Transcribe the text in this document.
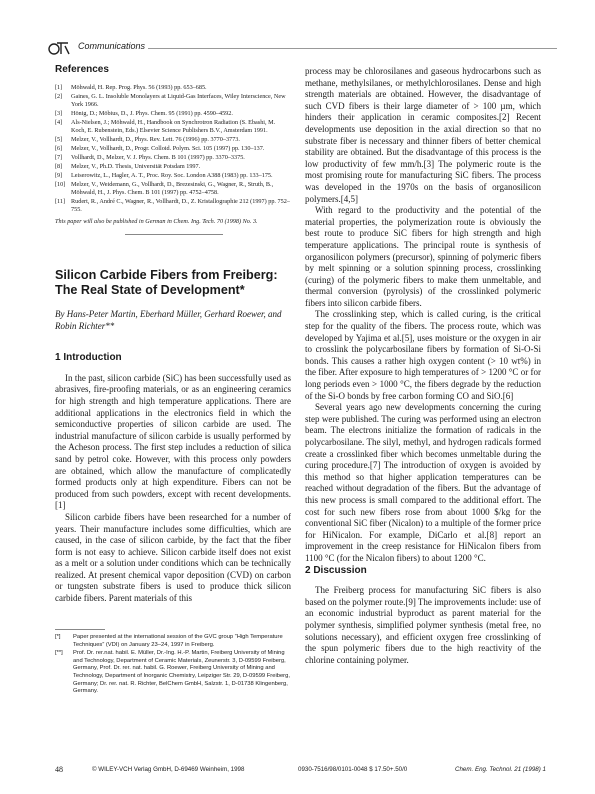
Communications
References
[1] Möhwald, H. Rep. Prog. Phys. 56 (1993) pp. 653–685.
[2] Gaines, G. L. Insoluble Monolayers at Liquid-Gas Interfaces, Wiley Interscience, New York 1966.
[3] Hönig, D.; Möbius, D., J. Phys. Chem. 95 (1991) pp. 4590–4592.
[4] Als-Nielsen, J.; Möhwald, H., Handbook on Synchrotron Radiation (S. Ebashi, M. Koch, E. Rubenstein, Eds.) Elsevier Science Publishers B.V., Amsterdam 1991.
[5] Melzer, V., Vollhardt, D., Phys. Rev. Lett. 76 (1996) pp. 3770–3773.
[6] Melzer, V., Vollhardt, D., Progr. Colloid. Polym. Sci. 105 (1997) pp. 130–137.
[7] Vollhardt, D., Melzer, V. J. Phys. Chem. B 101 (1997) pp. 3370–3375.
[8] Melzer, V., Ph.D. Thesis, Universität Potsdam 1997.
[9] Leiserowitz, L., Hagler, A. T., Proc. Roy. Soc. London A388 (1983) pp. 133–175.
[10] Melzer, V., Weidemann, G., Vollhardt, D., Brezesinski, G., Wagner, R., Struth, B., Möhwald, H., J. Phys. Chem. B 101 (1997) pp. 4752–4758.
[11] Rudert, R., André C., Wagner, R., Vollhardt, D., Z. Kristallographie 212 (1997) pp. 752–755.
This paper will also be published in German in Chem. Ing. Tech. 70 (1998) No. 3.
Silicon Carbide Fibers from Freiberg: The Real State of Development*
By Hans-Peter Martin, Eberhard Müller, Gerhard Roewer, and Robin Richter**
1 Introduction

In the past, silicon carbide (SiC) has been successfully used as abrasives, fire-proofing materials, or as an engineering ceramics for high strength and high temperature applications. There are additional applications in the electronics field in which the semiconductive properties of silicon carbide are used. The industrial manufacture of silicon carbide is usually performed by the Acheson process. The first step includes a reduction of silica sand by petrol coke. However, with this process only powders are obtained, which allow the manufacture of complicatedly formed products only at high expenditure. Fibers can not be produced from such powders, except with recent developments.[1]

Silicon carbide fibers have been researched for a number of years. Their manufacture includes some difficulties, which are caused, in the case of silicon carbide, by the fact that the fiber form is not easy to achieve. Silicon carbide itself does not exist as a melt or a solution under conditions which can be technically realized. At present chemical vapor deposition (CVD) on carbon or tungsten substrate fibers is used to produce thick silicon carbide fibers. Parent materials of this

process may be chlorosilanes and gaseous hydrocarbons such as methane, methylsilanes, or methylchlorosilanes. Dense and high strength materials are obtained. However, the disadvantage of such CVD fibers is their large diameter of > 100 µm, which hinders their application in ceramic composites.[2] Recent developments use deposition in the axial direction so that no substrate fiber is necessary and thinner fibers of better chemical stability are obtained. But the disadvantage of this process is the low productivity of few mm/h.[3] The polymeric route is the most promising route for manufacturing SiC fibers. The process was developed in the 1970s on the basis of organosilicon polymers.[4,5]

With regard to the productivity and the potential of the material properties, the polymerization route is obviously the best route to produce SiC fibers for high strength and high temperature applications. The principal route is synthesis of organosilicon polymers (precursor), spinning of polymeric fibers by melt spinning or a solution spinning process, crosslinking (curing) of the polymeric fibers to make them unmeltable, and thermal conversion (pyrolysis) of the crosslinked polymeric fibers into silicon carbide fibers.

The crosslinking step, which is called curing, is the critical step for the quality of the fibers. The process route, which was developed by Yajima et al.[5], uses moisture or the oxygen in air to crosslink the polycarbosilane fibers by formation of Si-O-Si bonds. This causes a rather high oxygen content (> 10 wt%) in the fiber. After exposure to high temperatures of > 1200 °C or for long periods even > 1000 °C, the fibers degrade by the reduction of the Si-O bonds by free carbon forming CO and SiO.[6]

Several years ago new developments concerning the curing step were published. The curing was performed using an electron beam. The electrons initialize the formation of radicals in the polycarbosilane. The silyl, methyl, and hydrogen radicals formed create a crosslinked fiber which becomes unmeltable during the curing procedure.[7] The introduction of oxygen is avoided by this method so that higher application temperatures can be reached without degradation of the fibers. But the advantage of this new process is small compared to the additional effort. The cost for such new fibers rose from about 1000 $/kg for the conventional SiC fiber (Nicalon) to a multiple of the former price for HiNicalon. For example, DiCarlo et al.[8] report an improvement in the creep resistance for HiNicalon fibers from 1100 °C (for the Nicalon fibers) to about 1200 °C.

2 Discussion

The Freiberg process for manufacturing SiC fibers is also based on the polymer route.[9] The improvements include: use of an economic industrial byproduct as parent material for the polymer synthesis, simplified polymer synthesis (metal free, no solutions necessary), and efficient oxygen free crosslinking of the spun polymeric fibers due to the high reactivity of the chlorine containing polymer.

[*] Paper presented at the international session of the GVC group “High Temperature Techniques” (VDI) on January 23–24, 1997 in Freiberg.
[**] Prof. Dr. rer.nat. habil. E. Müller, Dr.-Ing. H.-P. Martin, Freiberg University of Mining and Technology, Department of Ceramic Materials, Zeunerstr. 3, D-09599 Freiberg, Germany, Prof. Dr. rer. nat. habil. G. Roewer, Freiberg University of Mining and Technology, Department of Inorganic Chemistry, Leipziger Str. 29, D-09599 Freiberg, Germany; Dr. rer. nat. R. Richter, BelChem GmbH, Salzstr. 1, D-01738 Klingenberg, Germany.
48	© WILEY-VCH Verlag GmbH, D-69469 Weinheim, 1998	0930-7516/98/0101-0048 $ 17.50+.50/0	Chem. Eng. Technol. 21 (1998) 1
